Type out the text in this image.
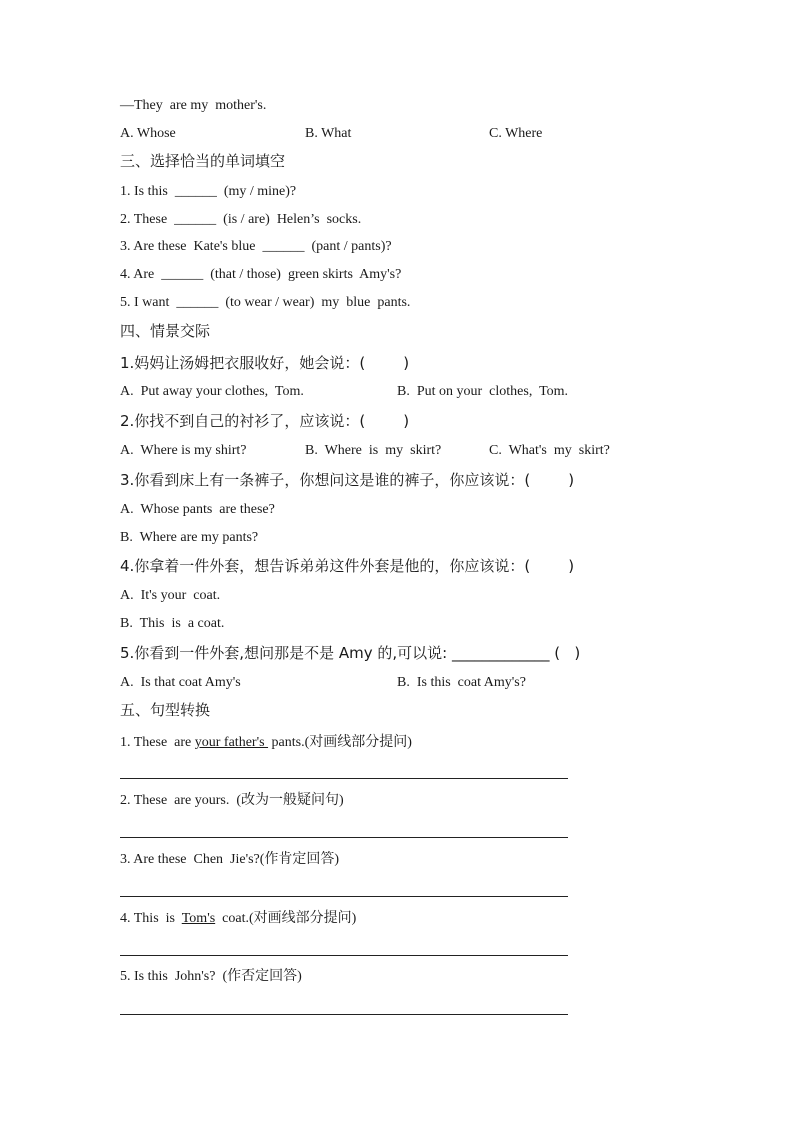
—They  are my  mother's.
A. Whose	B. What	C. Where
三、选择恰当的单词填空
1. Is this  ______  (my / mine)?
2. These  ______  (is / are)  Helen’s  socks.
3. Are these  Kate's blue  ______  (pant / pants)?
4. Are  ______  (that / those)  green skirts  Amy's?
5. I want  ______  (to wear / wear)  my  blue  pants.
四、情景交际
1.妈妈让汤姆把衣服收好，她会说：(        )
A.  Put away your clothes,  Tom.	B.  Put on your  clothes,  Tom.
2.你找不到自己的衬衫了，应该说：(        )
A.  Where is my shirt?	B.  Where  is  my  skirt?	C.  What's  my  skirt?
3.你看到床上有一条裤子，你想问这是谁的裤子，你应该说：(        )
A.  Whose pants  are these?
B.  Where are my pants?
4.你拿着一件外套，想告诉弟弟这件外套是他的，你应该说：(        )
A.  It's your  coat.
B.  This  is  a coat.
5.你看到一件外套,想问那是不是 Amy 的,可以说: _____________ (   )
A.  Is that coat Amy's	B.  Is this  coat Amy's?
五、句型转换
1. These  are your father's  pants.(对画线部分提问)
2. These  are yours.  (改为一般疑问句)
3. Are these  Chen  Jie's?(作肯定回答)
4. This  is  Tom's  coat.(对画线部分提问)
5. Is this  John's?  (作否定回答)
